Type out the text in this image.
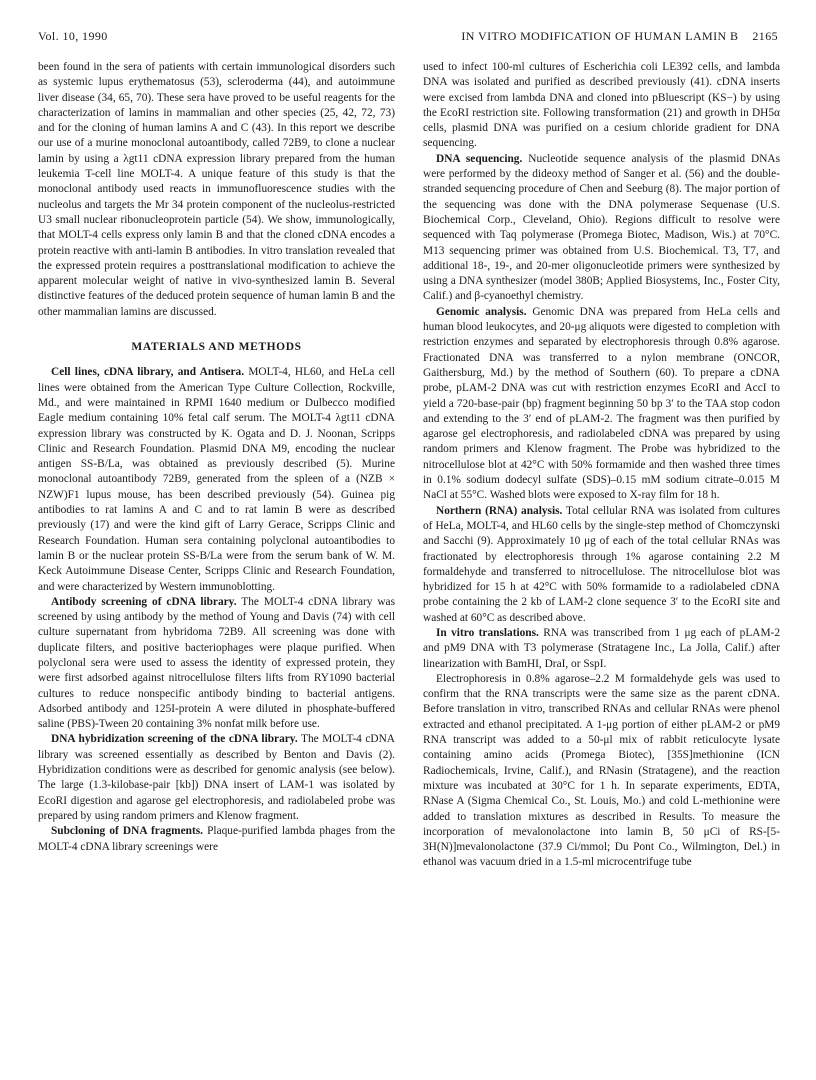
Vol. 10, 1990	IN VITRO MODIFICATION OF HUMAN LAMIN B 2165

been found in the sera of patients with certain immunological disorders such as systemic lupus erythematosus (53), scleroderma (44), and autoimmune liver disease (34, 65, 70). These sera have proved to be useful reagents for the characterization of lamins in mammalian and other species (25, 42, 72, 73) and for the cloning of human lamins A and C (43). In this report we describe our use of a murine monoclonal autoantibody, called 72B9, to clone a nuclear lamin by using a λgt11 cDNA expression library prepared from the human leukemia T-cell line MOLT-4. A unique feature of this study is that the monoclonal antibody used reacts in immunofluorescence studies with the nucleolus and targets the Mr 34 protein component of the nucleolus-restricted U3 small nuclear ribonucleoprotein particle (54). We show, immunologically, that MOLT-4 cells express only lamin B and that the cloned cDNA encodes a protein reactive with anti-lamin B antibodies. In vitro translation revealed that the expressed protein requires a posttranslational modification to achieve the apparent molecular weight of native in vivo-synthesized lamin B. Several distinctive features of the deduced protein sequence of human lamin B and the other mammalian lamins are discussed.

MATERIALS AND METHODS

Cell lines, cDNA library, and Antisera. MOLT-4, HL60, and HeLa cell lines were obtained from the American Type Culture Collection, Rockville, Md., and were maintained in RPMI 1640 medium or Dulbecco modified Eagle medium containing 10% fetal calf serum. The MOLT-4 λgt11 cDNA expression library was constructed by K. Ogata and D. J. Noonan, Scripps Clinic and Research Foundation. Plasmid DNA M9, encoding the nuclear antigen SS-B/La, was obtained as previously described (5). Murine monoclonal autoantibody 72B9, generated from the spleen of a (NZB × NZW)F1 lupus mouse, has been described previously (54). Guinea pig antibodies to rat lamins A and C and to rat lamin B were as described previously (17) and were the kind gift of Larry Gerace, Scripps Clinic and Research Foundation. Human sera containing polyclonal autoantibodies to lamin B or the nuclear protein SS-B/La were from the serum bank of W. M. Keck Autoimmune Disease Center, Scripps Clinic and Research Foundation, and were characterized by Western immunoblotting.

Antibody screening of cDNA library. The MOLT-4 cDNA library was screened by using antibody by the method of Young and Davis (74) with cell culture supernatant from hybridoma 72B9. All screening was done with duplicate filters, and positive bacteriophages were plaque purified. When polyclonal sera were used to assess the identity of expressed protein, they were first adsorbed against nitrocellulose filters lifts from RY1090 bacterial cultures to reduce nonspecific antibody binding to bacterial antigens. Adsorbed antibody and 125I-protein A were diluted in phosphate-buffered saline (PBS)-Tween 20 containing 3% nonfat milk before use.

DNA hybridization screening of the cDNA library. The MOLT-4 cDNA library was screened essentially as described by Benton and Davis (2). Hybridization conditions were as described for genomic analysis (see below). The large (1.3-kilobase-pair [kb]) DNA insert of LAM-1 was isolated by EcoRI digestion and agarose gel electrophoresis, and radiolabeled probe was prepared by using random primers and Klenow fragment.

Subcloning of DNA fragments. Plaque-purified lambda phages from the MOLT-4 cDNA library screenings were

used to infect 100-ml cultures of Escherichia coli LE392 cells, and lambda DNA was isolated and purified as described previously (41). cDNA inserts were excised from lambda DNA and cloned into pBluescript (KS−) by using the EcoRI restriction site. Following transformation (21) and growth in DH5α cells, plasmid DNA was purified on a cesium chloride gradient for DNA sequencing.

DNA sequencing. Nucleotide sequence analysis of the plasmid DNAs were performed by the dideoxy method of Sanger et al. (56) and the double-stranded sequencing procedure of Chen and Seeburg (8). The major portion of the sequencing was done with the DNA polymerase Sequenase (U.S. Biochemical Corp., Cleveland, Ohio). Regions difficult to resolve were sequenced with Taq polymerase (Promega Biotec, Madison, Wis.) at 70°C. M13 sequencing primer was obtained from U.S. Biochemical. T3, T7, and additional 18-, 19-, and 20-mer oligonucleotide primers were synthesized by using a DNA synthesizer (model 380B; Applied Biosystems, Inc., Foster City, Calif.) and β-cyanoethyl chemistry.

Genomic analysis. Genomic DNA was prepared from HeLa cells and human blood leukocytes, and 20-μg aliquots were digested to completion with restriction enzymes and separated by electrophoresis through 0.8% agarose. Fractionated DNA was transferred to a nylon membrane (ONCOR, Gaithersburg, Md.) by the method of Southern (60). To prepare a cDNA probe, pLAM-2 DNA was cut with restriction enzymes EcoRI and AccI to yield a 720-base-pair (bp) fragment beginning 50 bp 3′ to the TAA stop codon and extending to the 3′ end of pLAM-2. The fragment was then purified by agarose gel electrophoresis, and radiolabeled cDNA was prepared by using random primers and Klenow fragment. The Probe was hybridized to the nitrocellulose blot at 42°C with 50% formamide and then washed three times in 0.1% sodium dodecyl sulfate (SDS)–0.15 mM sodium citrate–0.015 M NaCl at 55°C. Washed blots were exposed to X-ray film for 18 h.

Northern (RNA) analysis. Total cellular RNA was isolated from cultures of HeLa, MOLT-4, and HL60 cells by the single-step method of Chomczynski and Sacchi (9). Approximately 10 μg of each of the total cellular RNAs was fractionated by electrophoresis through 1% agarose containing 2.2 M formaldehyde and transferred to nitrocellulose. The nitrocellulose blot was hybridized for 15 h at 42°C with 50% formamide to a radiolabeled cDNA probe containing the 2 kb of LAM-2 clone sequence 3′ to the EcoRI site and washed at 60°C as described above.

In vitro translations. RNA was transcribed from 1 μg each of pLAM-2 and pM9 DNA with T3 polymerase (Stratagene Inc., La Jolla, Calif.) after linearization with BamHI, DraI, or SspI.

Electrophoresis in 0.8% agarose–2.2 M formaldehyde gels was used to confirm that the RNA transcripts were the same size as the parent cDNA. Before translation in vitro, transcribed RNAs and cellular RNAs were phenol extracted and ethanol precipitated. A 1-μg portion of either pLAM-2 or pM9 RNA transcript was added to a 50-μl mix of rabbit reticulocyte lysate containing amino acids (Promega Biotec), [35S]methionine (ICN Radiochemicals, Irvine, Calif.), and RNasin (Stratagene), and the reaction mixture was incubated at 30°C for 1 h. In separate experiments, EDTA, RNase A (Sigma Chemical Co., St. Louis, Mo.) and cold L-methionine were added to translation mixtures as described in Results. To measure the incorporation of mevalonolactone into lamin B, 50 μCi of RS-[5-3H(N)]mevalonolactone (37.9 Ci/mmol; Du Pont Co., Wilmington, Del.) in ethanol was vacuum dried in a 1.5-ml microcentrifuge tube
